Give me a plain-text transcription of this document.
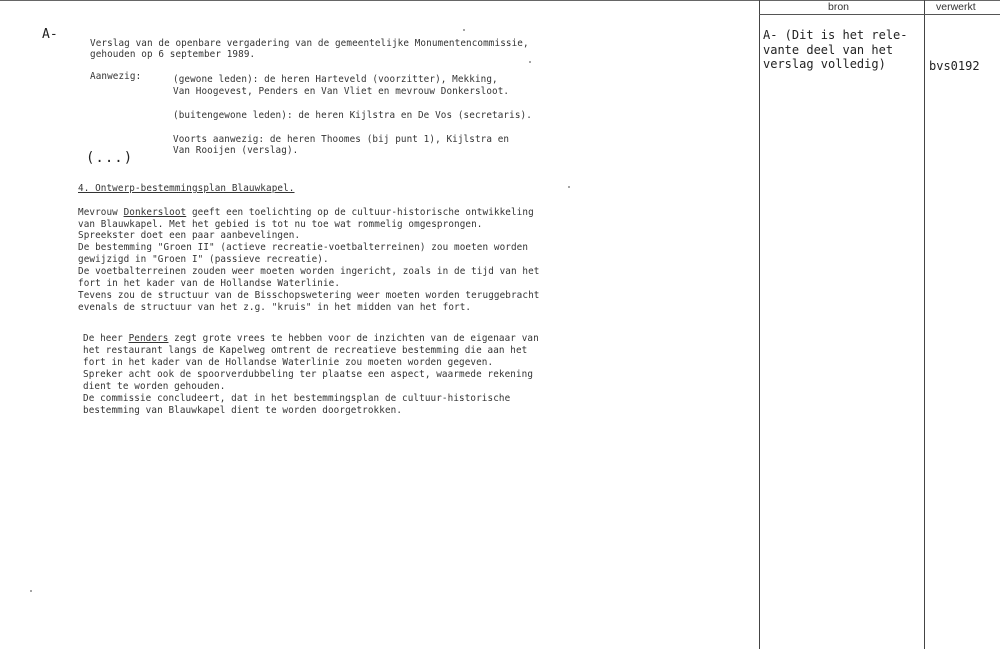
A-
(...)
Verslag van de openbare vergadering van de gemeentelijke Monumentencommissie,
gehouden op 6 september 1989.
Aanwezig:	(gewone leden): de heren Harteveld (voorzitter), Mekking,
Van Hoogevest, Penders en Van Vliet en mevrouw Donkersloot.
(buitengewone leden): de heren Kijlstra en De Vos (secretaris).
Voorts aanwezig: de heren Thoomes (bij punt 1), Kijlstra en
Van Rooijen (verslag).
4. Ontwerp-bestemmingsplan Blauwkapel.
Mevrouw Donkersloot geeft een toelichting op de cultuur-historische ontwikkeling
van Blauwkapel. Met het gebied is tot nu toe wat rommelig omgesprongen.
Spreekster doet een paar aanbevelingen.
De bestemming "Groen II" (actieve recreatie-voetbalterreinen) zou moeten worden
gewijzigd in "Groen I" (passieve recreatie).
De voetbalterreinen zouden weer moeten worden ingericht, zoals in de tijd van het
fort in het kader van de Hollandse Waterlinie.
Tevens zou de structuur van de Bisschopswetering weer moeten worden teruggebracht
evenals de structuur van het z.g. "kruis" in het midden van het fort.
De heer Penders zegt grote vrees te hebben voor de inzichten van de eigenaar van
het restaurant langs de Kapelweg omtrent de recreatieve bestemming die aan het
fort in het kader van de Hollandse Waterlinie zou moeten worden gegeven.
Spreker acht ook de spoorverdubbeling ter plaatse een aspect, waarmede rekening
dient te worden gehouden.
De commissie concludeert, dat in het bestemmingsplan de cultuur-historische
bestemming van Blauwkapel dient te worden doorgetrokken.
bron	verwerkt
A- (Dit is het rele-
vante deel van het
verslag volledig)	bvs0192
